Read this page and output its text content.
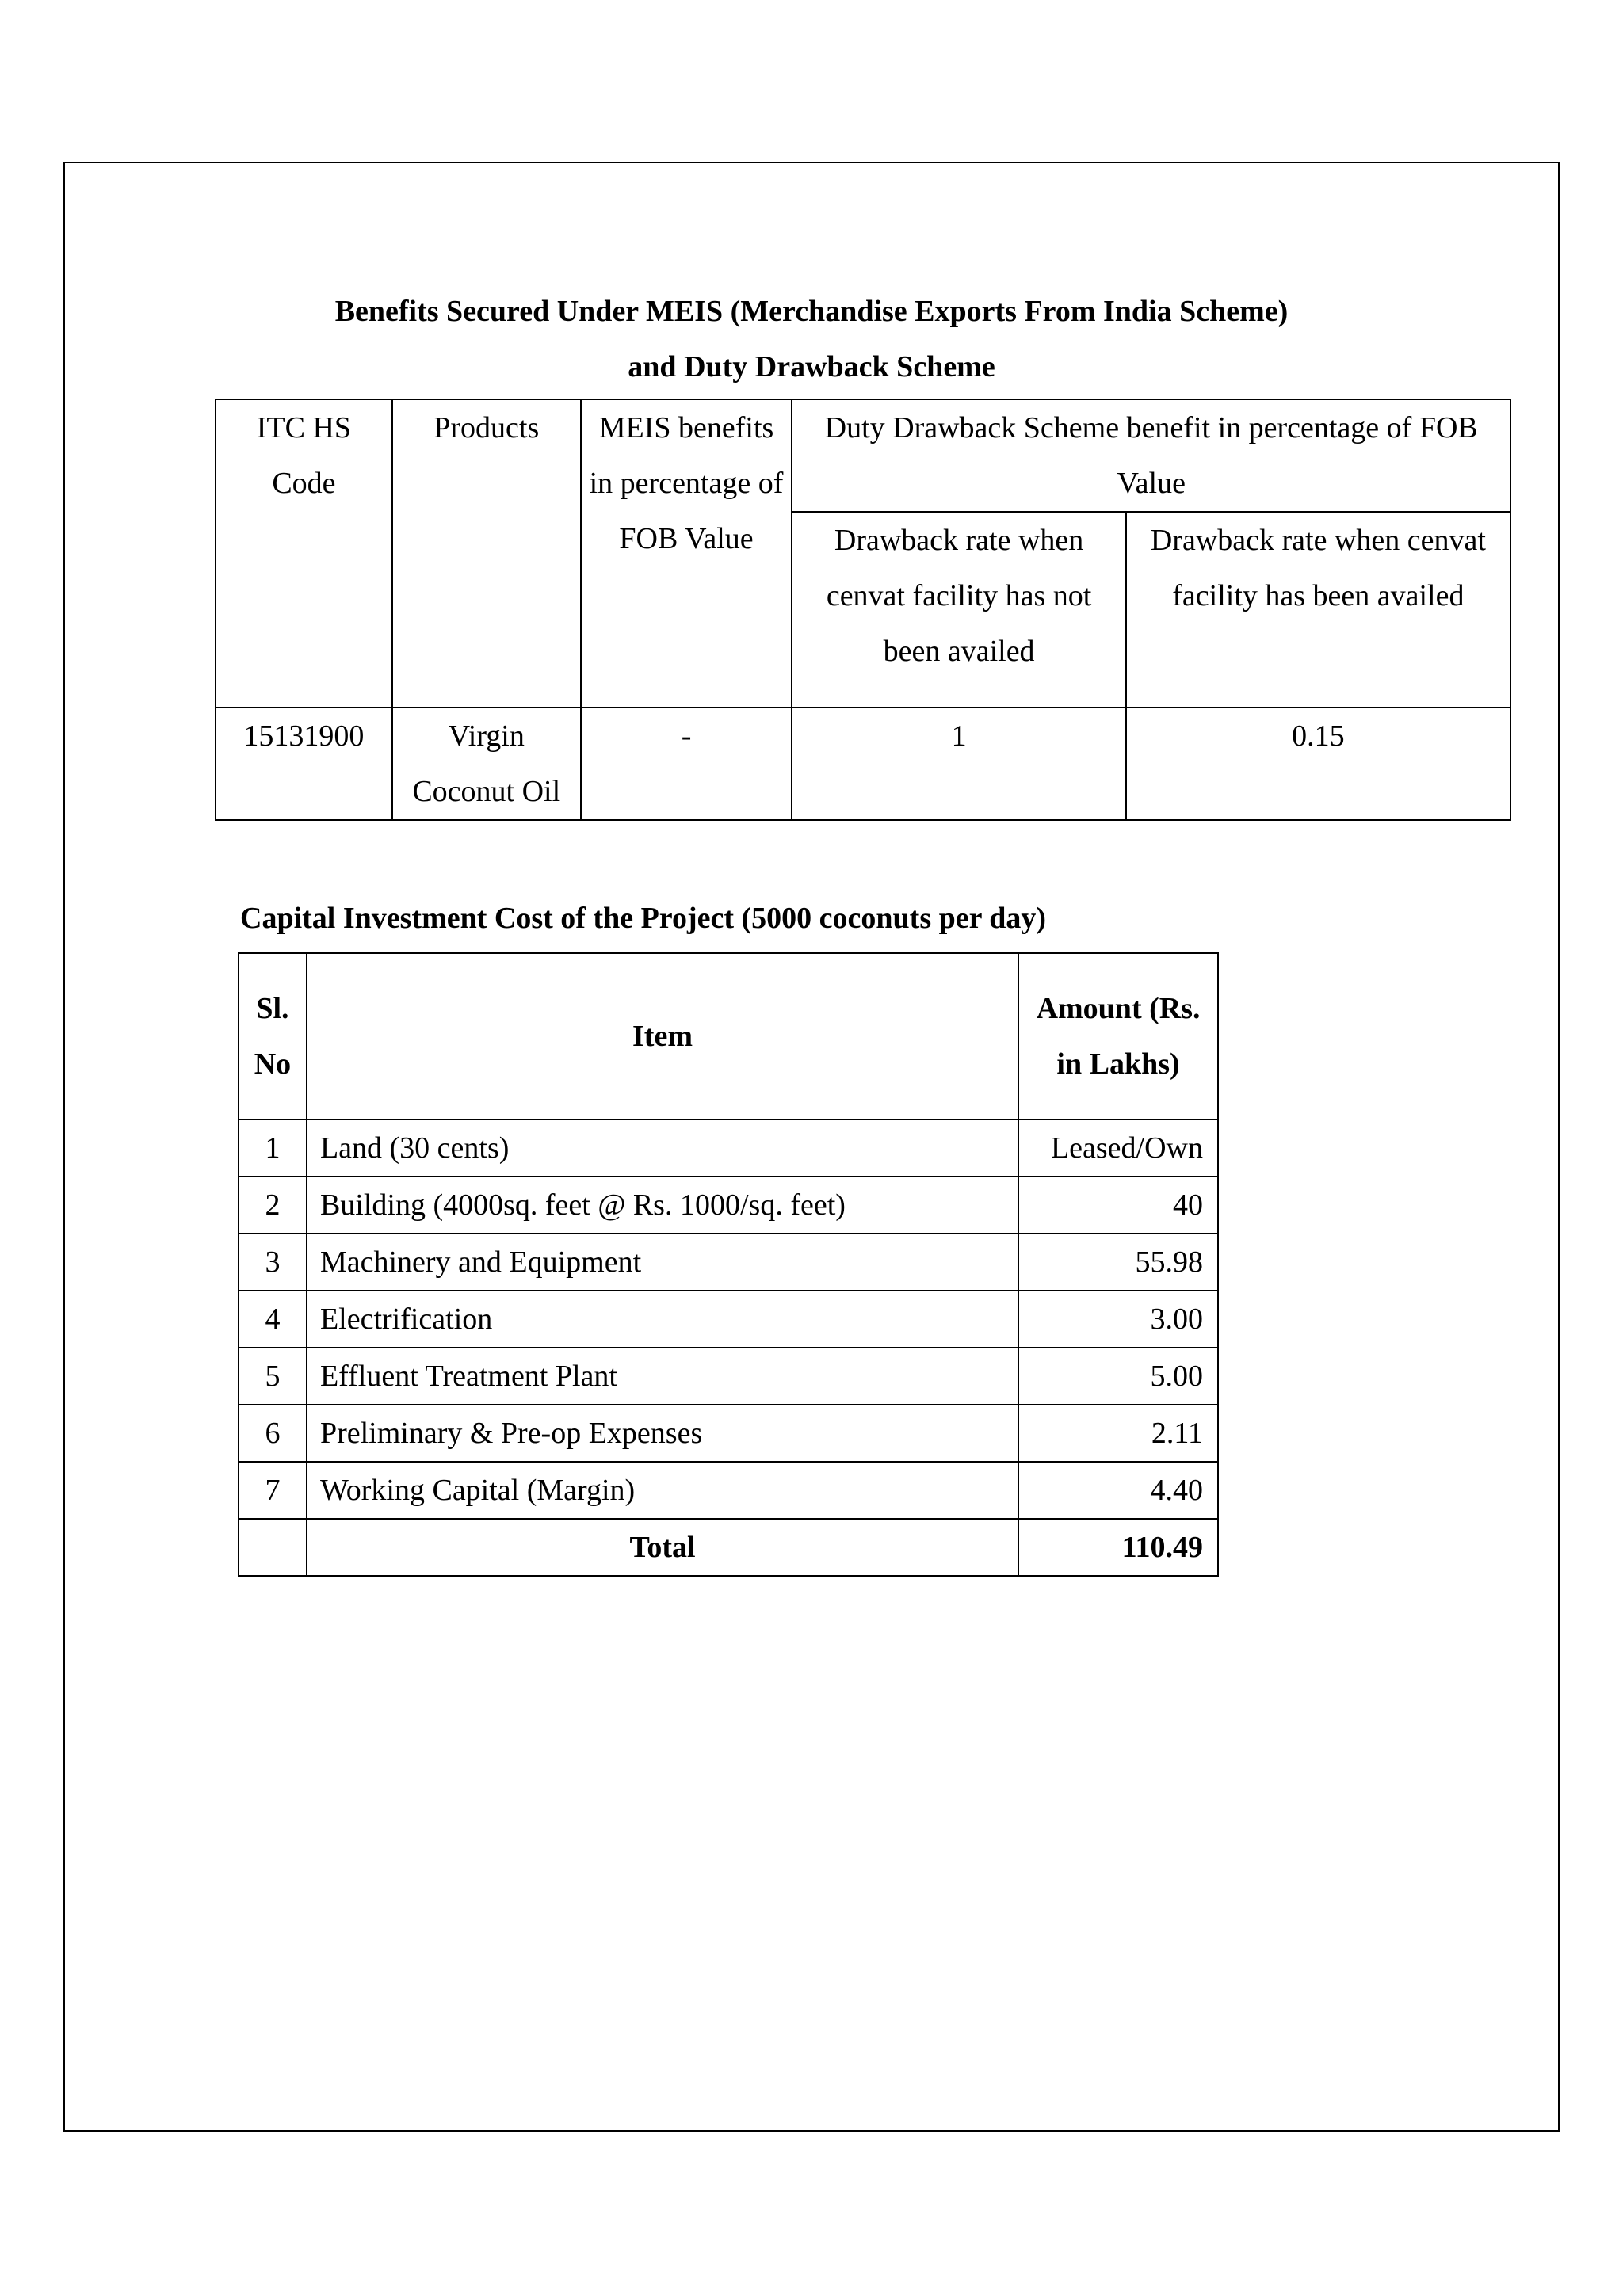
Benefits Secured Under MEIS (Merchandise Exports From India Scheme)
and Duty Drawback Scheme
ITC HS Code	Products	MEIS benefits in percentage of FOB Value	Duty Drawback Scheme benefit in percentage of FOB Value	
			Drawback rate when cenvat facility has not been availed	Drawback rate when cenvat facility has been availed
15131900	Virgin Coconut Oil	-	1	0.15
Capital Investment Cost of the Project (5000 coconuts per day)
Sl. No	Item	Amount (Rs. in Lakhs)
1	Land (30 cents)	Leased/Own
2	Building (4000sq. feet @ Rs. 1000/sq. feet)	40
3	Machinery and Equipment	55.98
4	Electrification	3.00
5	Effluent Treatment Plant	5.00
6	Preliminary & Pre-op Expenses	2.11
7	Working Capital (Margin)	4.40
	Total	110.49
